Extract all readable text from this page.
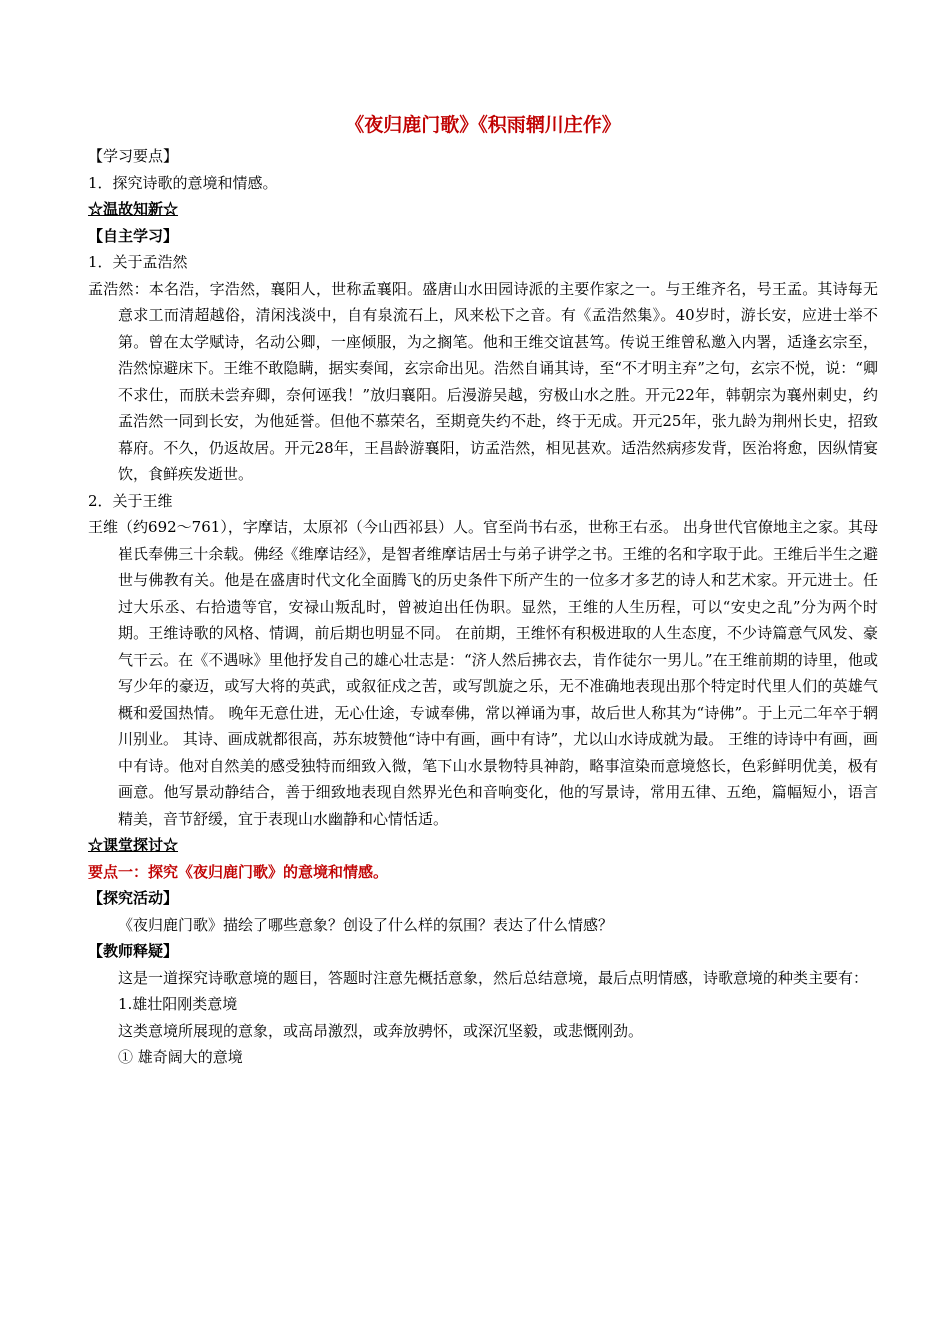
《夜归鹿门歌》《积雨辋川庄作》

【学习要点】

1．探究诗歌的意境和情感。

☆温故知新☆

【自主学习】

1．关于孟浩然

孟浩然：本名浩，字浩然，襄阳人，世称孟襄阳。盛唐山水田园诗派的主要作家之一。与王维齐名，号王孟。其诗每无意求工而清超越俗，清闲浅淡中，自有泉流石上，风来松下之音。有《孟浩然集》。40岁时，游长安，应进士举不第。曾在太学赋诗，名动公卿，一座倾服，为之搁笔。他和王维交谊甚笃。传说王维曾私邀入内署，适逢玄宗至，浩然惊避床下。王维不敢隐瞒，据实奏闻，玄宗命出见。浩然自诵其诗，至“不才明主弃”之句，玄宗不悦，说：“卿不求仕，而朕未尝弃卿，奈何诬我！”放归襄阳。后漫游吴越，穷极山水之胜。开元22年，韩朝宗为襄州刺史，约孟浩然一同到长安，为他延誉。但他不慕荣名，至期竟失约不赴，终于无成。开元25年，张九龄为荆州长史，招致幕府。不久，仍返故居。开元28年，王昌龄游襄阳，访孟浩然，相见甚欢。适浩然病疹发背，医治将愈，因纵情宴饮，食鲜疾发逝世。

2．关于王维

王维（约692～761），字摩诘，太原祁（今山西祁县）人。官至尚书右丞，世称王右丞。 出身世代官僚地主之家。其母崔氏奉佛三十余载。佛经《维摩诘经》，是智者维摩诘居士与弟子讲学之书。王维的名和字取于此。王维后半生之避世与佛教有关。他是在盛唐时代文化全面腾飞的历史条件下所产生的一位多才多艺的诗人和艺术家。开元进士。任过大乐丞、右拾遗等官，安禄山叛乱时，曾被迫出任伪职。显然，王维的人生历程，可以“安史之乱”分为两个时期。王维诗歌的风格、情调，前后期也明显不同。 在前期，王维怀有积极进取的人生态度，不少诗篇意气风发、豪气干云。在《不遇咏》里他抒发自己的雄心壮志是：“济人然后拂衣去，肯作徒尔一男儿。”在王维前期的诗里，他或写少年的豪迈，或写大将的英武，或叙征戍之苦，或写凯旋之乐，无不准确地表现出那个特定时代里人们的英雄气概和爱国热情。 晚年无意仕进，无心仕途，专诚奉佛，常以禅诵为事，故后世人称其为“诗佛”。于上元二年卒于辋川别业。 其诗、画成就都很高，苏东坡赞他“诗中有画，画中有诗”，尤以山水诗成就为最。 王维的诗诗中有画，画中有诗。他对自然美的感受独特而细致入微，笔下山水景物特具神韵，略事渲染而意境悠长，色彩鲜明优美，极有画意。他写景动静结合，善于细致地表现自然界光色和音响变化，他的写景诗，常用五律、五绝，篇幅短小，语言精美，音节舒缓，宜于表现山水幽静和心情恬适。

☆课堂探讨☆

要点一：探究《夜归鹿门歌》的意境和情感。

【探究活动】

《夜归鹿门歌》描绘了哪些意象？创设了什么样的氛围？表达了什么情感？

【教师释疑】

这是一道探究诗歌意境的题目，答题时注意先概括意象，然后总结意境，最后点明情感，诗歌意境的种类主要有：

1.雄壮阳刚类意境

这类意境所展现的意象，或高昂激烈，或奔放骋怀，或深沉坚毅，或悲慨刚劲。

① 雄奇阔大的意境
